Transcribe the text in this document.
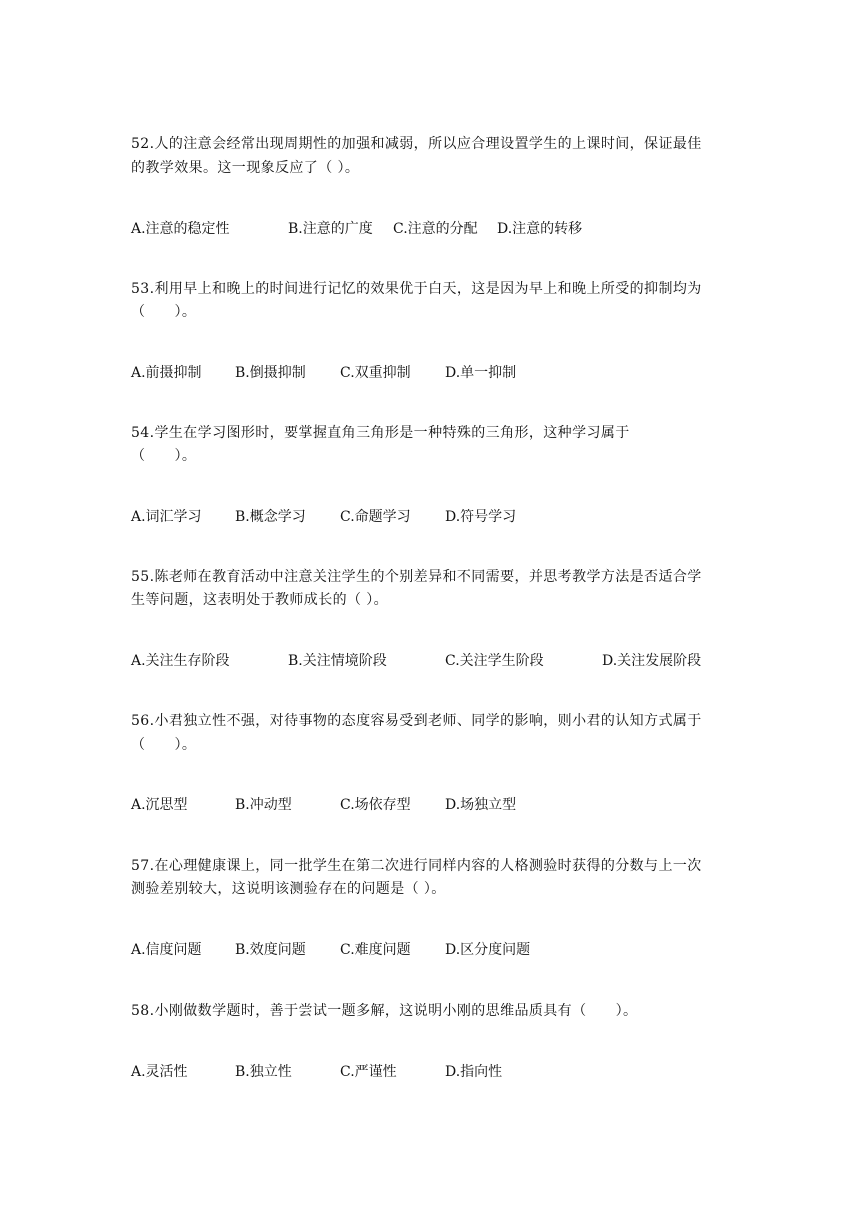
52.人的注意会经常出现周期性的加强和减弱，所以应合理设置学生的上课时间，保证最佳
的教学效果。这一现象反应了（ ）。
A.注意的稳定性	B.注意的广度 C.注意的分配 D.注意的转移
53.利用早上和晚上的时间进行记忆的效果优于白天，这是因为早上和晚上所受的抑制均为
（      ）。
A.前摄抑制 B.倒摄抑制 C.双重抑制 D.单一抑制
54.学生在学习图形时，要掌握直角三角形是一种特殊的三角形，这种学习属于
（      ）。
A.词汇学习 B.概念学习 C.命题学习 D.符号学习
55.陈老师在教育活动中注意关注学生的个别差异和不同需要，并思考教学方法是否适合学
生等问题，这表明处于教师成长的（ ）。
A.关注生存阶段	B.关注情境阶段	C.关注学生阶段	D.关注发展阶段
56.小君独立性不强，对待事物的态度容易受到老师、同学的影响，则小君的认知方式属于
（      ）。
A.沉思型	B.冲动型	C.场依存型 D.场独立型
57.在心理健康课上，同一批学生在第二次进行同样内容的人格测验时获得的分数与上一次
测验差别较大，这说明该测验存在的问题是（ ）。
A.信度问题 B.效度问题 C.难度问题 D.区分度问题
58.小刚做数学题时，善于尝试一题多解，这说明小刚的思维品质具有（      ）。
A.灵活性	B.独立性	C.严谨性	D.指向性
